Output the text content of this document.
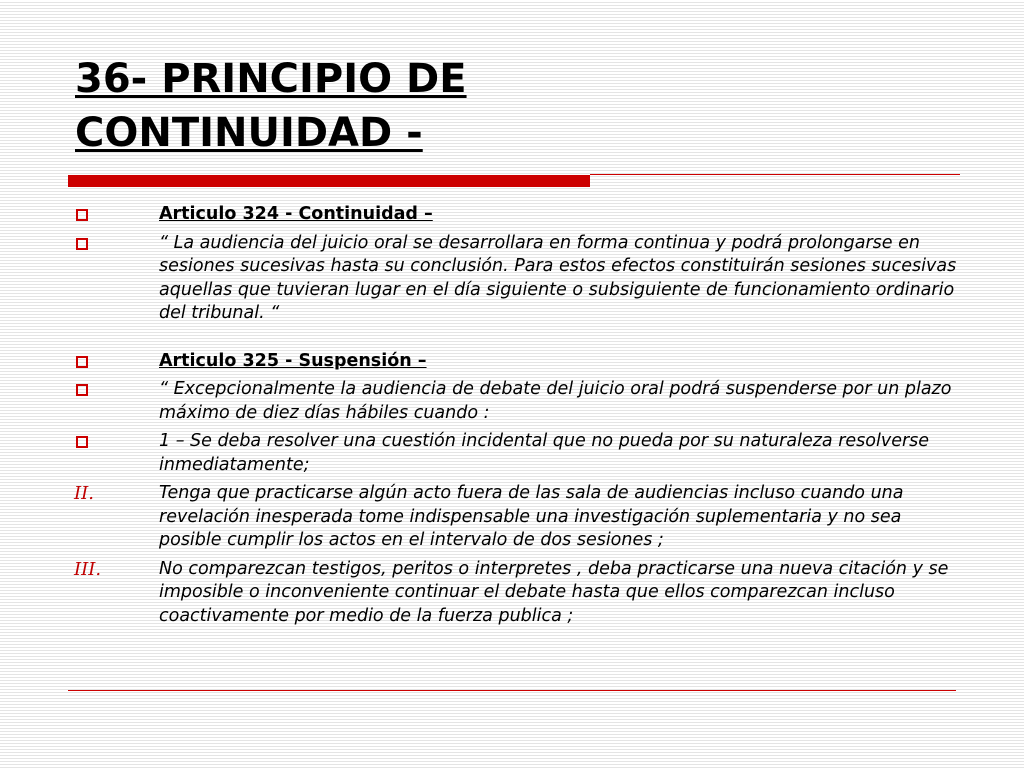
36- PRINCIPIO DE
CONTINUIDAD -
Articulo 324 - Continuidad –
“ La audiencia del juicio oral se desarrollara en forma continua y podrá prolongarse en sesiones sucesivas hasta su conclusión. Para estos efectos constituirán sesiones sucesivas aquellas que tuvieran lugar en el día siguiente o subsiguiente de funcionamiento ordinario del tribunal. “
Articulo 325 - Suspensión –
“ Excepcionalmente la audiencia de debate del juicio oral podrá suspenderse por un plazo máximo de diez días hábiles cuando :
1 – Se deba resolver una cuestión incidental que no pueda por su naturaleza resolverse inmediatamente;
II.	Tenga que practicarse algún acto fuera de las sala de audiencias incluso cuando una revelación inesperada tome indispensable una investigación suplementaria y no sea posible cumplir los actos en el intervalo de dos sesiones ;
III.	No comparezcan testigos, peritos o interpretes , deba practicarse una nueva citación y se imposible o inconveniente continuar el debate hasta que ellos comparezcan incluso coactivamente por medio de la fuerza publica ;
